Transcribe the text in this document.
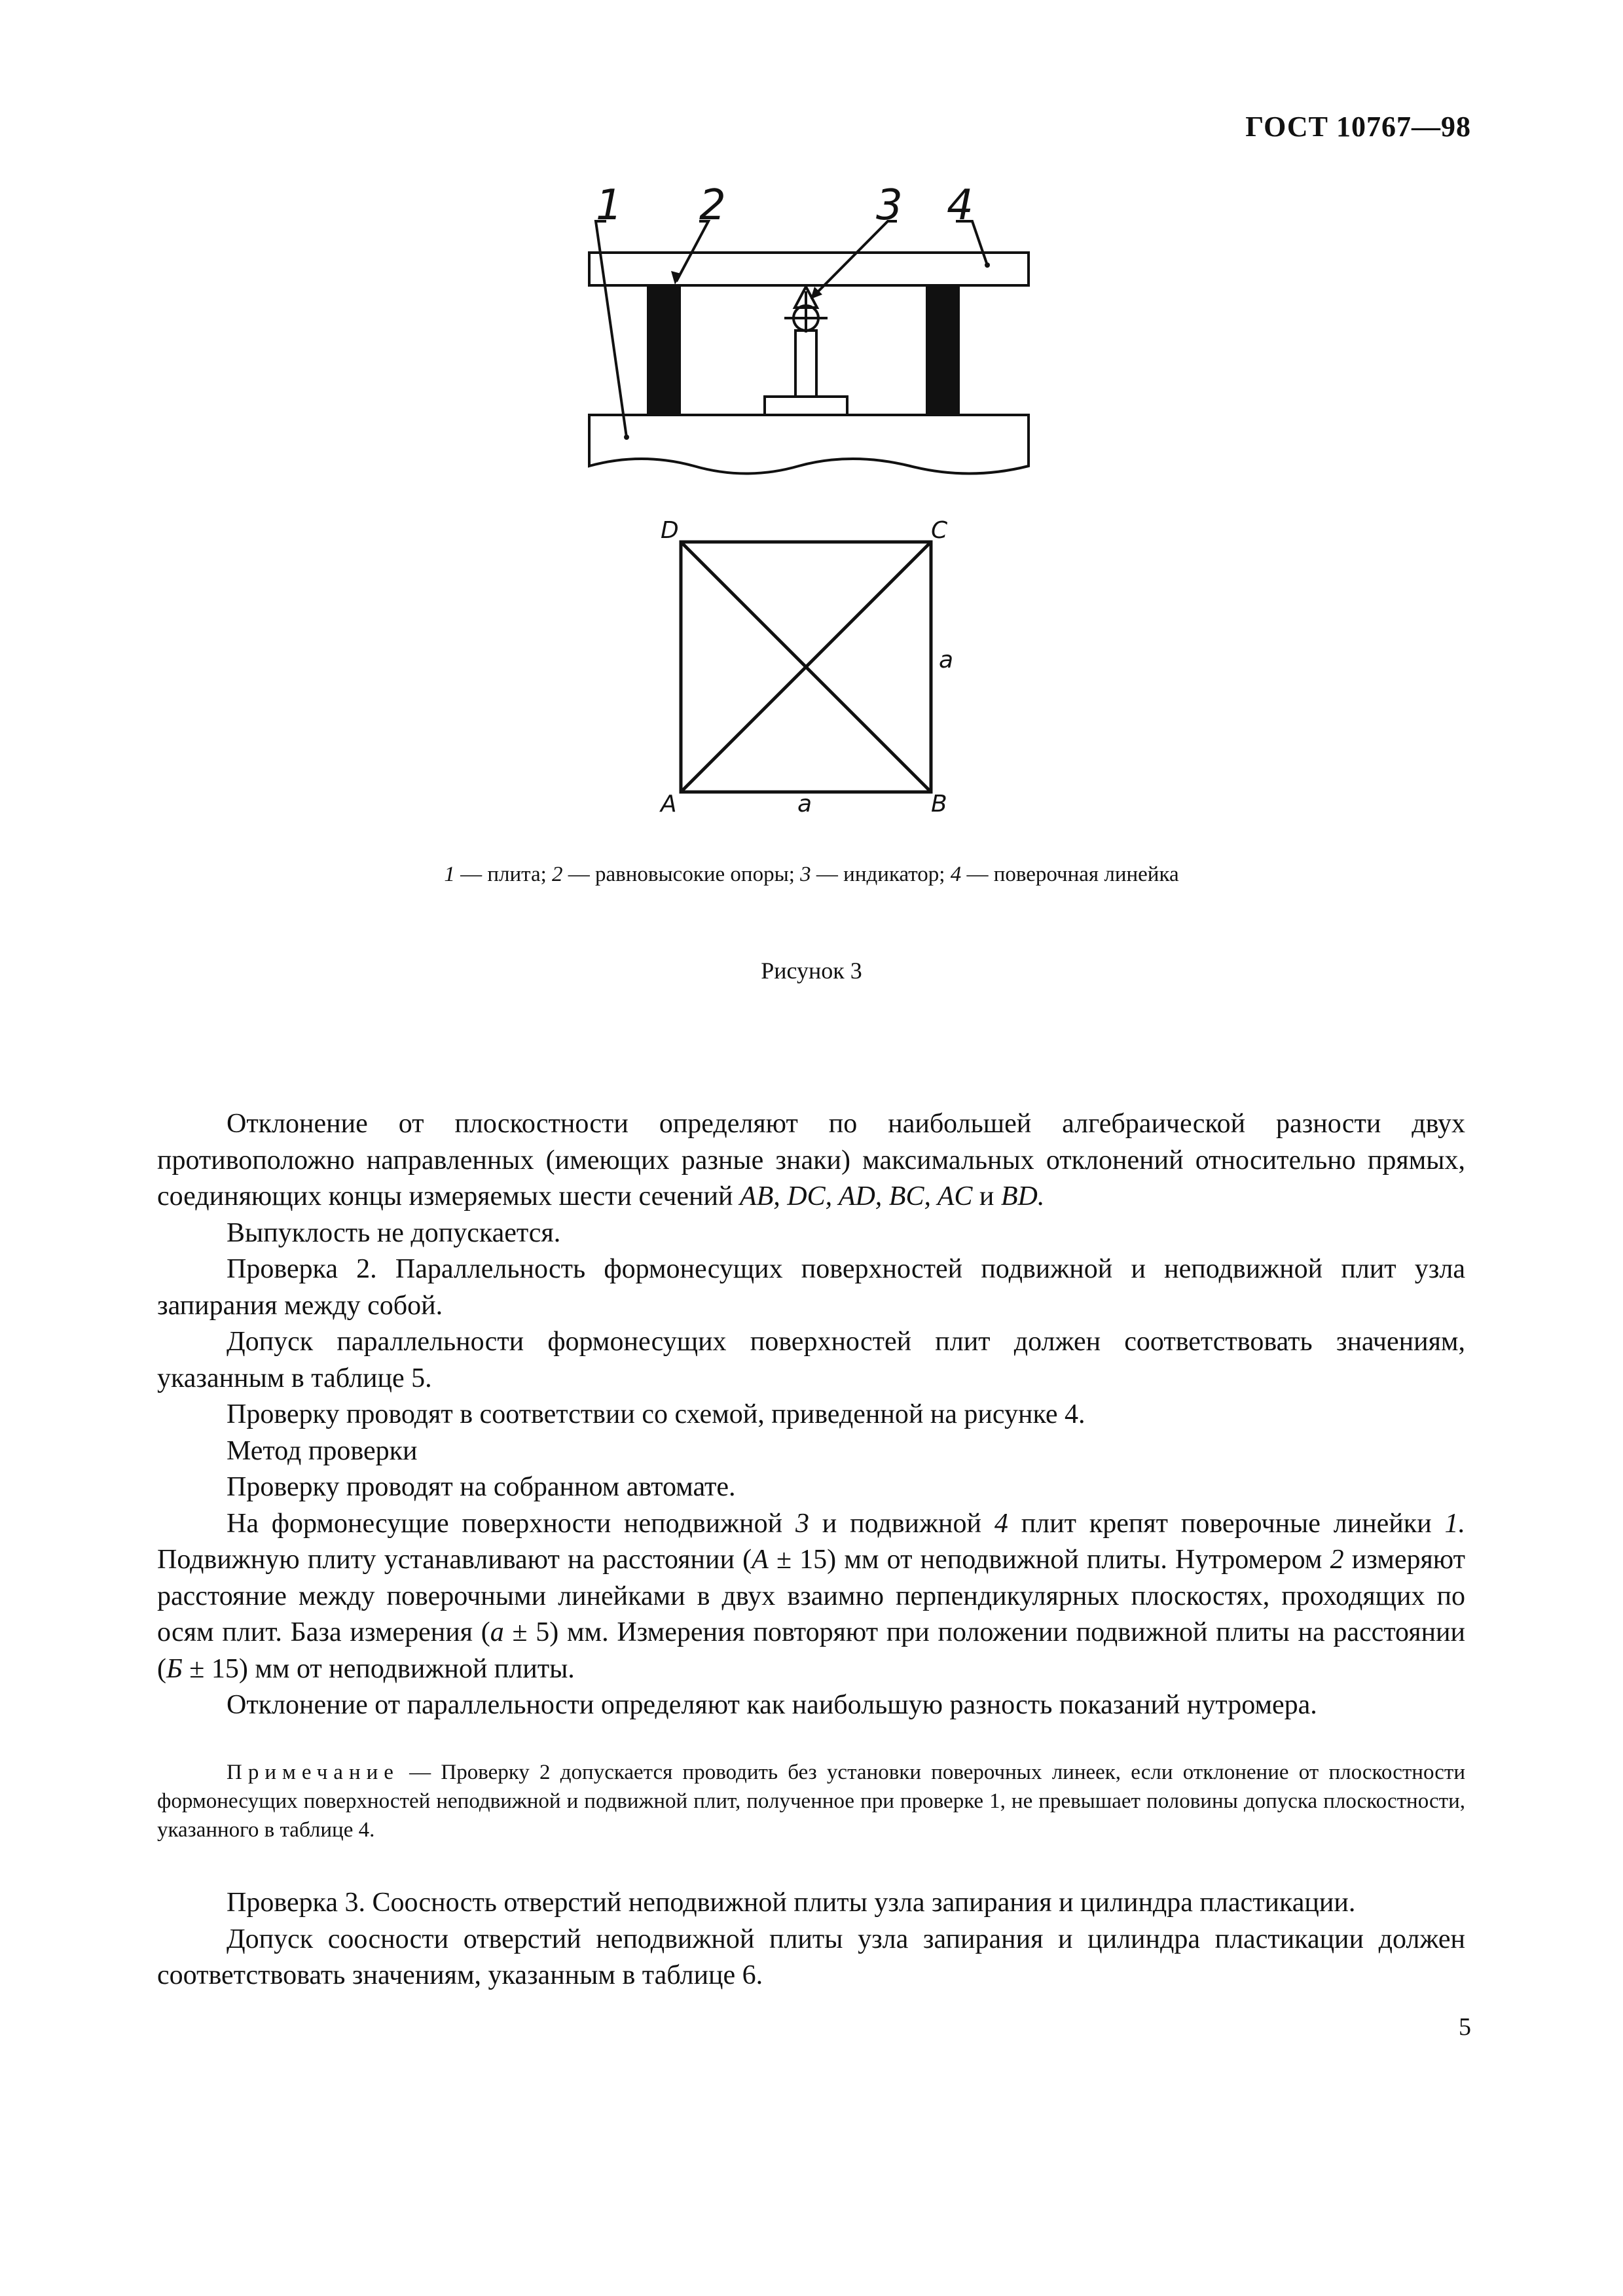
ГОСТ 10767—98
1 2	3 4
D	C
A	B
a
a
1 — плита; 2 — равновысокие опоры; 3 — индикатор; 4 — поверочная линейка
Рисунок 3

Отклонение от плоскостности определяют по наибольшей алгебраической разности двух противоположно направленных (имеющих разные знаки) максимальных отклонений относительно прямых, соединяющих концы измеряемых шести сечений AB, DC, AD, BC, AC и BD.

Выпуклость не допускается.

Проверка 2. Параллельность формонесущих поверхностей подвижной и неподвижной плит узла запирания между собой.

Допуск параллельности формонесущих поверхностей плит должен соответствовать значениям, указанным в таблице 5.

Проверку проводят в соответствии со схемой, приведенной на рисунке 4.

Метод проверки

Проверку проводят на собранном автомате.

На формонесущие поверхности неподвижной 3 и подвижной 4 плит крепят поверочные линейки 1. Подвижную плиту устанавливают на расстоянии (А ± 15) мм от неподвижной плиты. Нутромером 2 измеряют расстояние между поверочными линейками в двух взаимно перпендикулярных плоскостях, проходящих по осям плит. База измерения (а ± 5) мм. Измерения повторяют при положении подвижной плиты на расстоянии (Б ± 15) мм от неподвижной плиты.

Отклонение от параллельности определяют как наибольшую разность показаний нутромера.

Примечание — Проверку 2 допускается проводить без установки поверочных линеек, если отклонение от плоскостности формонесущих поверхностей неподвижной и подвижной плит, полученное при проверке 1, не превышает половины допуска плоскостности, указанного в таблице 4.

Проверка 3. Соосность отверстий неподвижной плиты узла запирания и цилиндра пластикации.

Допуск соосности отверстий неподвижной плиты узла запирания и цилиндра пластикации должен соответствовать значениям, указанным в таблице 6.

5
